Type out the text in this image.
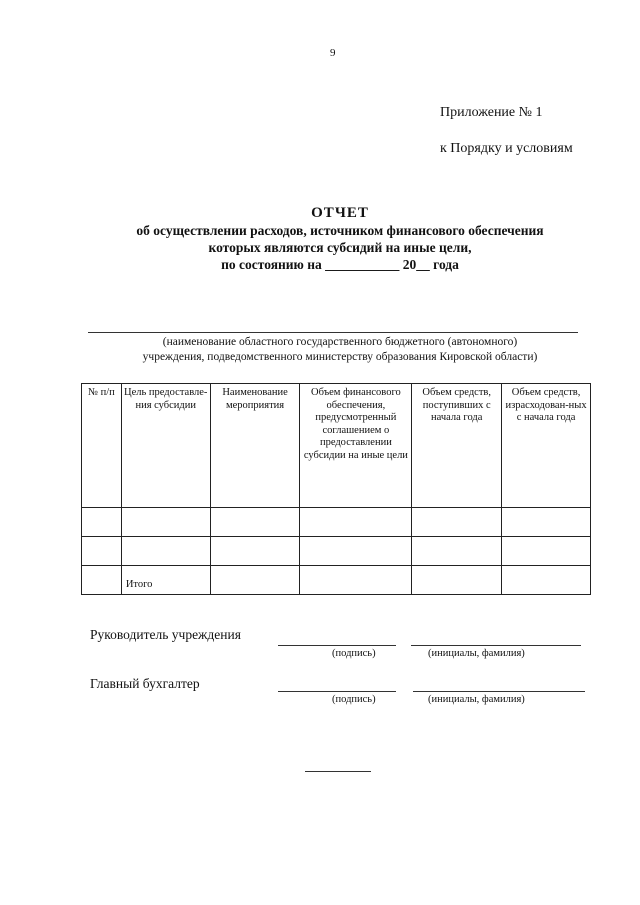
9
Приложение № 1
к Порядку и условиям
ОТЧЕТ
об осуществлении расходов, источником финансового обеспечения
которых являются субсидий на иные цели,
по состоянию на ___________ 20__ года
(наименование областного государственного бюджетного (автономного)
учреждения, подведомственного министерству образования Кировской области)
№ п/п	Цель предоставле-ния субсидии	Наименование мероприятия	Объем финансового обеспечения, предусмотренный соглашением о предоставлении субсидии на иные цели	Объем средств, поступивших с начала года	Объем средств, израсходован-ных с начала года

	Итого				
Руководитель учреждения
(подпись)	(инициалы, фамилия)
Главный бухгалтер
(подпись)	(инициалы, фамилия)
